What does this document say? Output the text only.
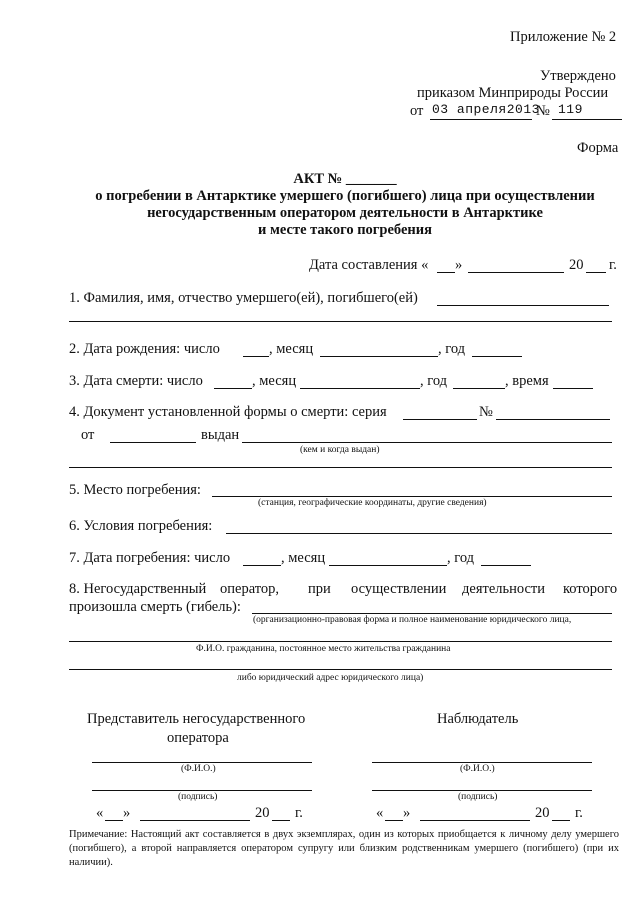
Приложение № 2
Утверждено
приказом Минприроды России
от 03 апреля2013
№ 119
Форма
АКТ № _______
о погребении в Антарктике умершего (погибшего) лица при осуществлении
негосударственным оператором деятельности в Антарктике
и месте такого погребения
Дата составления « »	20 г.
1. Фамилия, имя, отчество умершего(ей), погибшего(ей)
2. Дата рождения: число	, месяц	, год
3. Дата смерти: число	, месяц	, год	, время
4. Документ установленной формы о смерти: серия	№
от	выдан
(кем и когда выдан)
5. Место погребения:
(станция, географические координаты, другие сведения)
6. Условия погребения:
7. Дата погребения: число	, месяц	, год
8. Негосударственный оператор, при осуществлении деятельности которого
произошла смерть (гибель):
(организационно-правовая форма и полное наименование юридического лица,
Ф.И.О. гражданина, постоянное место жительства гражданина
либо юридический адрес юридического лица)
Представитель негосударственного
оператора
(Ф.И.О.)
(подпись)
« »	20 г.
Наблюдатель
(Ф.И.О.)
(подпись)
« »	20 г.
Примечание: Настоящий акт составляется в двух экземплярах, один из которых приобщается к личному делу умершего (погибшего), а второй направляется оператором супругу или близким родственникам умершего (погибшего) (при их наличии).
